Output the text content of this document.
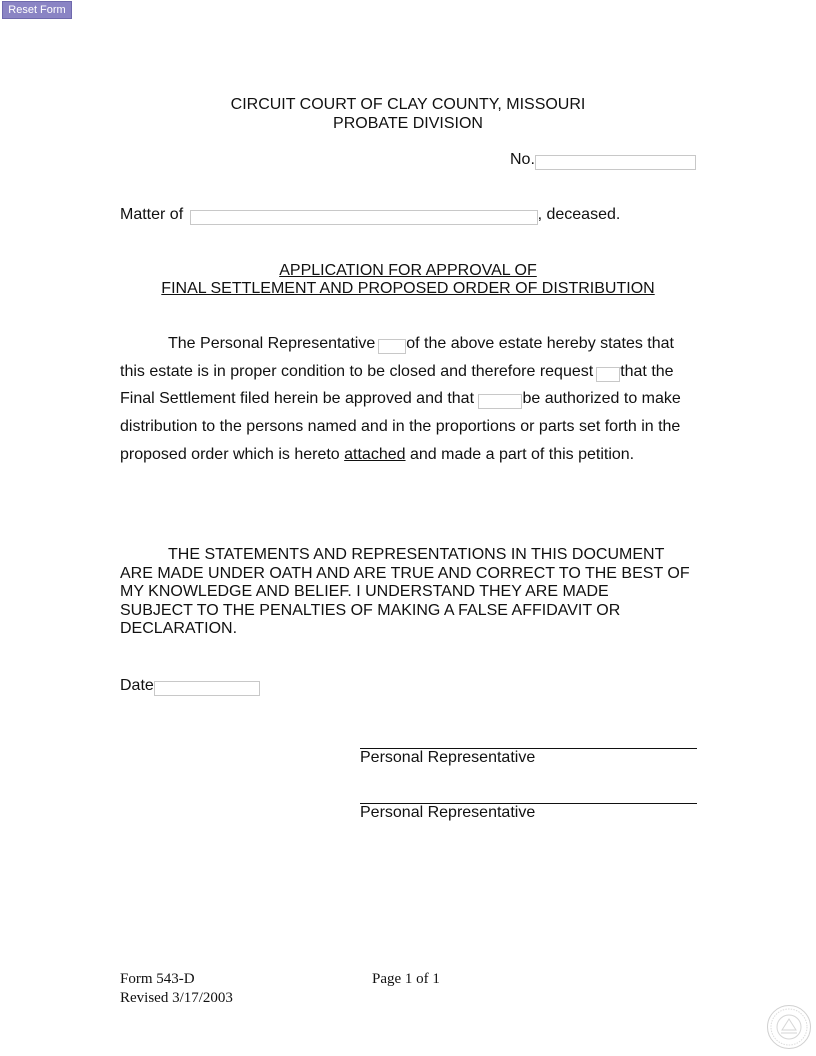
Reset Form
CIRCUIT COURT OF CLAY COUNTY, MISSOURI
PROBATE DIVISION
No.
Matter of	, deceased.
APPLICATION FOR APPROVAL OF
FINAL SETTLEMENT AND PROPOSED ORDER OF DISTRIBUTION
The Personal Representative of the above estate hereby states that
this estate is in proper condition to be closed and therefore request that the
Final Settlement filed herein be approved and that	be authorized to make
distribution to the persons named and in the proportions or parts set forth in the
proposed order which is hereto attached and made a part of this petition.
THE STATEMENTS AND REPRESENTATIONS IN THIS DOCUMENT
ARE MADE UNDER OATH AND ARE TRUE AND CORRECT TO THE BEST OF
MY KNOWLEDGE AND BELIEF. I UNDERSTAND THEY ARE MADE
SUBJECT TO THE PENALTIES OF MAKING A FALSE AFFIDAVIT OR
DECLARATION.
Date
Personal Representative
Personal Representative
Form 543-D
Revised 3/17/2003
Page 1 of 1
